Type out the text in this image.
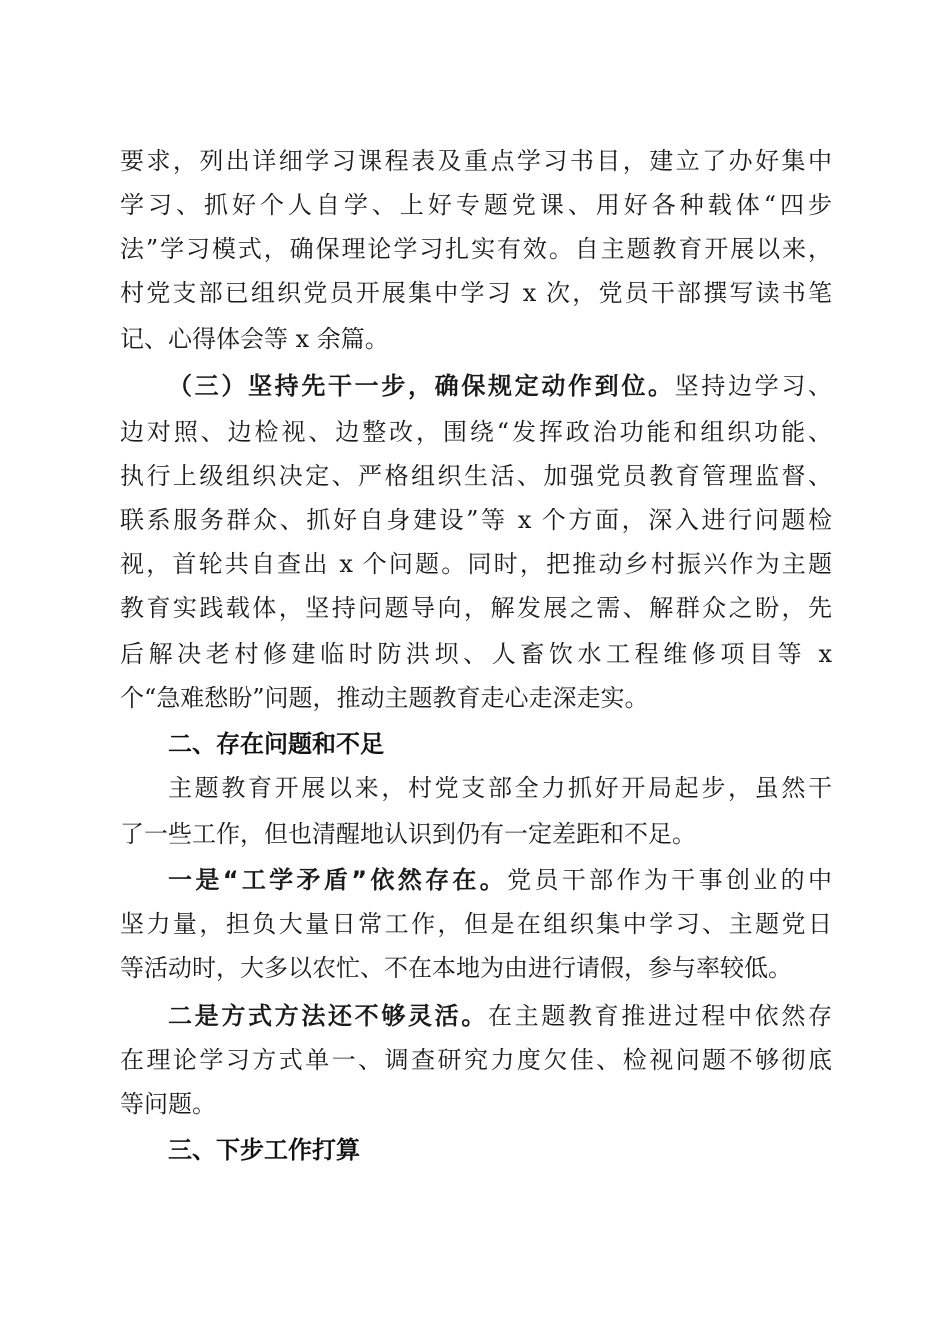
要求，列出详细学习课程表及重点学习书目，建立了办好集中
学习、抓好个人自学、上好专题党课、用好各种载体“四步
法”学习模式，确保理论学习扎实有效。自主题教育开展以来，
村党支部已组织党员开展集中学习 x 次，党员干部撰写读书笔
记、心得体会等 x 余篇。
（三）坚持先干一步，确保规定动作到位。坚持边学习、
边对照、边检视、边整改，围绕“发挥政治功能和组织功能、
执行上级组织决定、严格组织生活、加强党员教育管理监督、
联系服务群众、抓好自身建设”等 x 个方面，深入进行问题检
视，首轮共自查出 x 个问题。同时，把推动乡村振兴作为主题
教育实践载体，坚持问题导向，解发展之需、解群众之盼，先
后解决老村修建临时防洪坝、人畜饮水工程维修项目等 x
个“急难愁盼”问题，推动主题教育走心走深走实。
二、存在问题和不足
主题教育开展以来，村党支部全力抓好开局起步，虽然干
了一些工作，但也清醒地认识到仍有一定差距和不足。
一是“工学矛盾”依然存在。党员干部作为干事创业的中
坚力量，担负大量日常工作，但是在组织集中学习、主题党日
等活动时，大多以农忙、不在本地为由进行请假，参与率较低。
二是方式方法还不够灵活。在主题教育推进过程中依然存
在理论学习方式单一、调查研究力度欠佳、检视问题不够彻底
等问题。
三、下步工作打算
